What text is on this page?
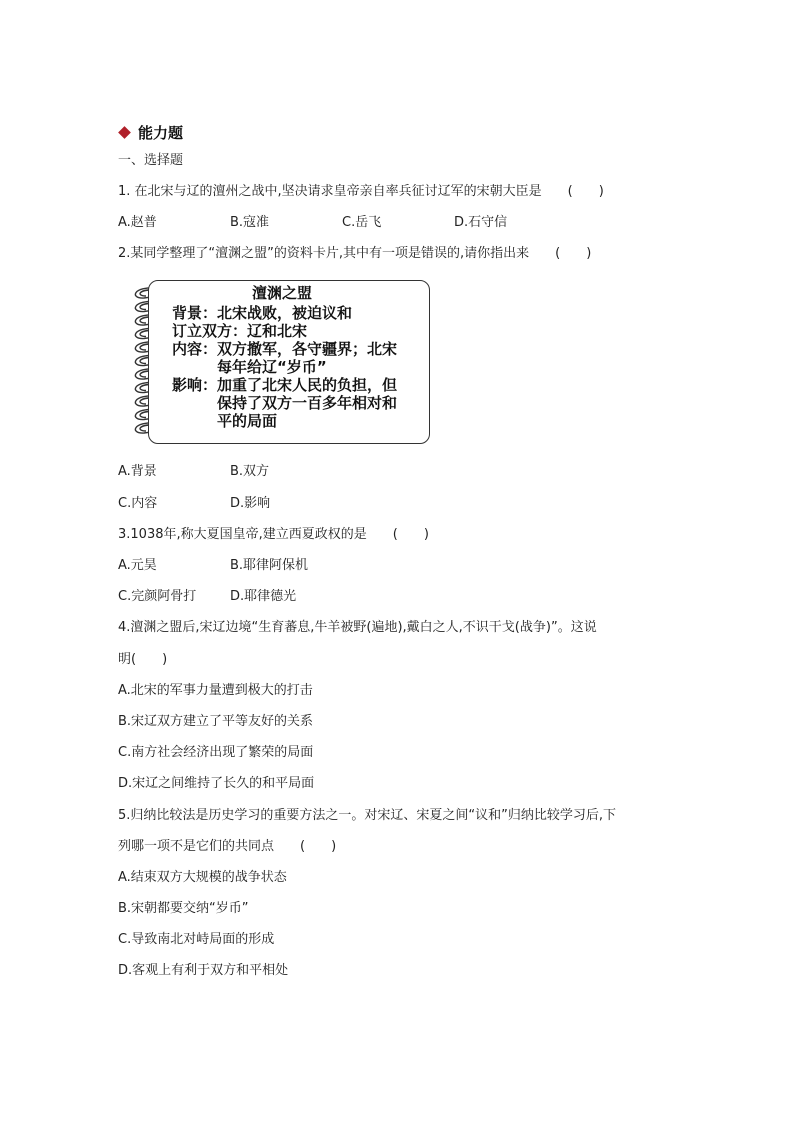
能力题
一、选择题
1. 在北宋与辽的澶州之战中,坚决请求皇帝亲自率兵征讨辽军的宋朝大臣是 (　　)
A.赵普	B.寇准	C.岳飞	D.石守信
2.某同学整理了“澶渊之盟”的资料卡片,其中有一项是错误的,请你指出来 (　　)
澶渊之盟
背景： 北宋战败，被迫议和
订立双方： 辽和北宋
内容： 双方撤军，各守疆界；北宋
每年给辽“岁币”
影响： 加重了北宋人民的负担，但
保持了双方一百多年相对和
平的局面
A.背景	B.双方
C.内容	D.影响
3.1038年,称大夏国皇帝,建立西夏政权的是 (　　)
A.元昊	B.耶律阿保机
C.完颜阿骨打	D.耶律德光
4.澶渊之盟后,宋辽边境“生育蕃息,牛羊被野(遍地),戴白之人,不识干戈(战争)”。这说
明(　　)
A.北宋的军事力量遭到极大的打击
B.宋辽双方建立了平等友好的关系
C.南方社会经济出现了繁荣的局面
D.宋辽之间维持了长久的和平局面
5.归纳比较法是历史学习的重要方法之一。对宋辽、宋夏之间“议和”归纳比较学习后,下
列哪一项不是它们的共同点 (　　)
A.结束双方大规模的战争状态
B.宋朝都要交纳“岁币”
C.导致南北对峙局面的形成
D.客观上有利于双方和平相处
